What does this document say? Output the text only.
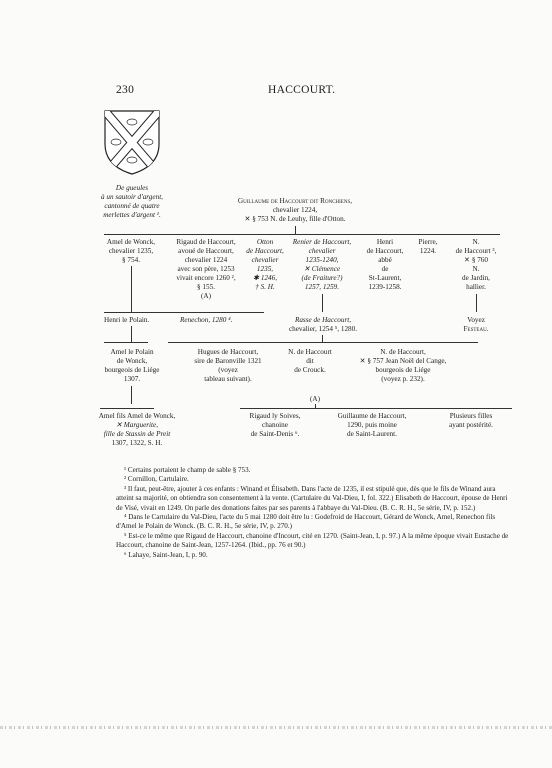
230	HACCOURT.
De gueules
à un sautoir d'argent,
cantonné de quatre
merlettes d'argent ¹.
Guillaume de Haccourt dit Ronchiens,
chevalier 1224,
✕ § 753 N. de Leuhy, fille d'Otton.
Amel de Wonck,
chevalier 1235,
§ 754.
Rigaud de Haccourt,
avoué de Haccourt,
chevalier 1224
avec son père, 1253
vivait encore 1260 ²,
§ 155.
(A)
Otton
de Haccourt,
chevalier
1235,
✱ 1246,
† S. H.
Renier de Haccourt,
chevalier
1235-1240,
✕ Clémence
(de Fraiture?)
1257, 1259.
Henri
de Haccourt,
abbé
de
St-Laurent,
1239-1258.
Pierre,
1224.
N.
de Haccourt ³,
✕ § 760
N.
de Jardin,
hallier.
Henri le Polain.	Renechon, 1280 ⁴.	Rasse de Haccourt,
chevalier, 1254 ⁵, 1280.
Voyez
Festeau.
Amel le Polain
de Wonck,
bourgeois de Liége
1307.
Hugues de Haccourt,
sire de Baronville 1321
(voyez
tableau suivant).
N. de Haccourt
dit
de Crouck.
N. de Haccourt,
✕ § 757 Jean Noël del Cange,
bourgeois de Liége
(voyez p. 232).
(A)
Amel fils Amel de Wonck,
✕ Marguerite,
fille de Stassin de Preit
1307, 1322, S. H.
Rigaud ly Soives,
chanoine
de Saint-Denis ⁶.
Guillaume de Haccourt,
1290, puis moine
de Saint-Laurent.
Plusieurs filles
ayant postérité.

¹ Certains portaient le champ de sable § 753.

² Cornillon, Cartulaire.

³ Il faut, peut-être, ajouter à ces enfants : Winand et Élisabeth. Dans l'acte de 1235, il est stipulé que, dès que le fils de Winand aura atteint sa majorité, on obtiendra son consentement à la vente. (Cartulaire du Val-Dieu, I, fol. 322.) Elisabeth de Haccourt, épouse de Henri de Visé, vivait en 1249. On parle des donations faites par ses parents à l'abbaye du Val-Dieu. (B. C. R. H., 5e série, IV, p. 152.)

⁴ Dans le Cartulaire du Val-Dieu, l'acte du 5 mai 1280 doit être lu : Godefroid de Haccourt, Gérard de Wonck, Amel, Renechon fils d'Amel le Polain de Wonck. (B. C. R. H., 5e série, IV, p. 270.)

⁵ Est-ce le même que Rigaud de Haccourt, chanoine d'Incourt, cité en 1270. (Saint-Jean, I, p. 97.) A la même époque vivait Eustache de Haccourt, chanoine de Saint-Jean, 1257-1264. (Ibid., pp. 76 et 90.)

⁶ Lahaye, Saint-Jean, I, p. 90.
